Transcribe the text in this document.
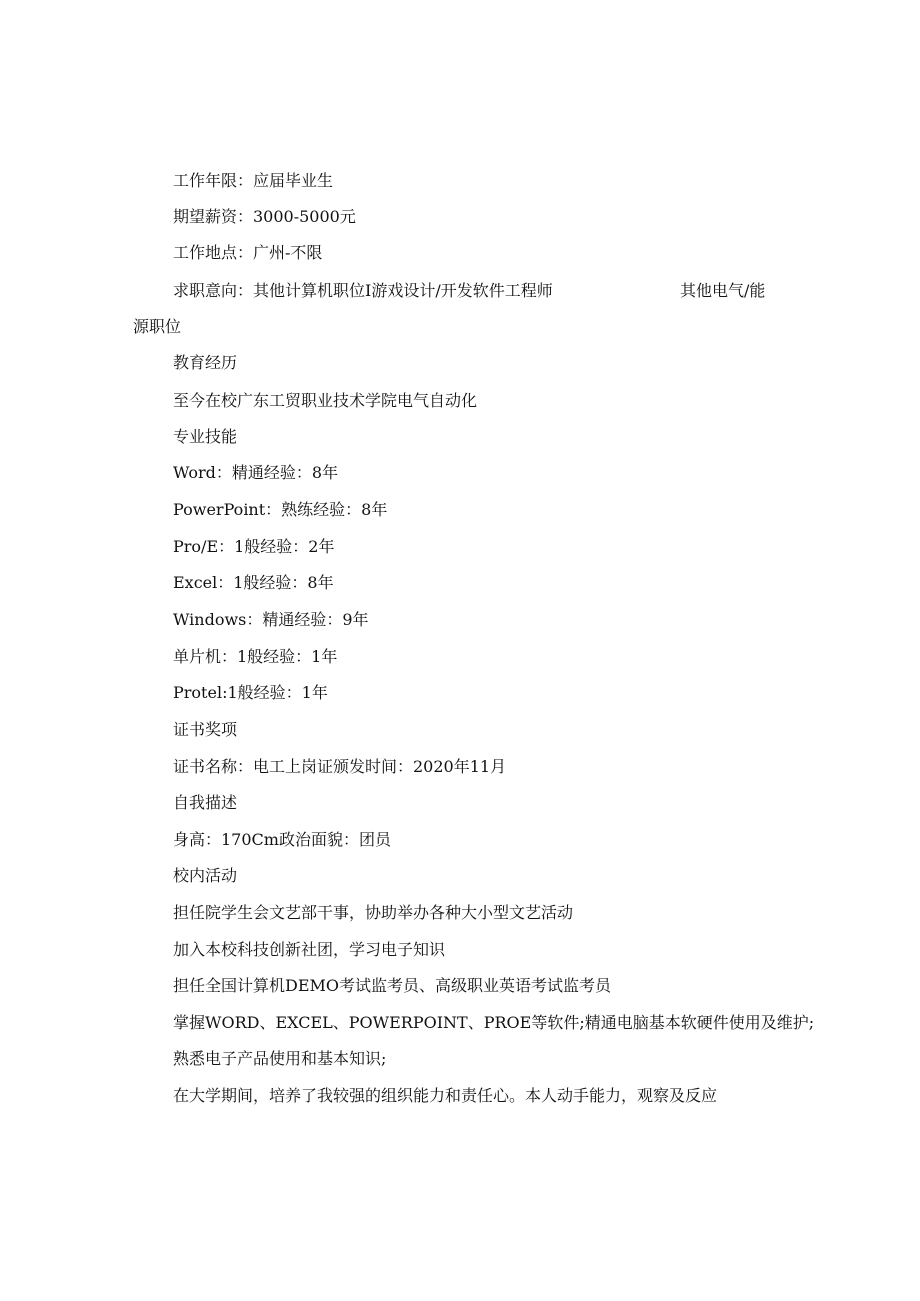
工作年限：应届毕业生
期望薪资：3000-5000元
工作地点：广州-不限
求职意向：其他计算机职位I游戏设计/开发软件工程师	其他电气/能
源职位
教育经历
至今在校广东工贸职业技术学院电气自动化
专业技能
Word：精通经验：8年
PowerPoint：熟练经验：8年
Pro/E：1般经验：2年
Excel：1般经验：8年
Windows：精通经验：9年
单片机：1般经验：1年
Protel:1般经验：1年
证书奖项
证书名称：电工上岗证颁发时间：2020年11月
自我描述
身高：170Cm政治面貌：团员
校内活动
担任院学生会文艺部干事，协助举办各种大小型文艺活动
加入本校科技创新社团，学习电子知识
担任全国计算机DEMO考试监考员、高级职业英语考试监考员
掌握WORD、EXCEL、POWERPOINT、PROE等软件;精通电脑基本软硬件使用及维护;
熟悉电子产品使用和基本知识;
在大学期间，培养了我较强的组织能力和责任心。本人动手能力，观察及反应
